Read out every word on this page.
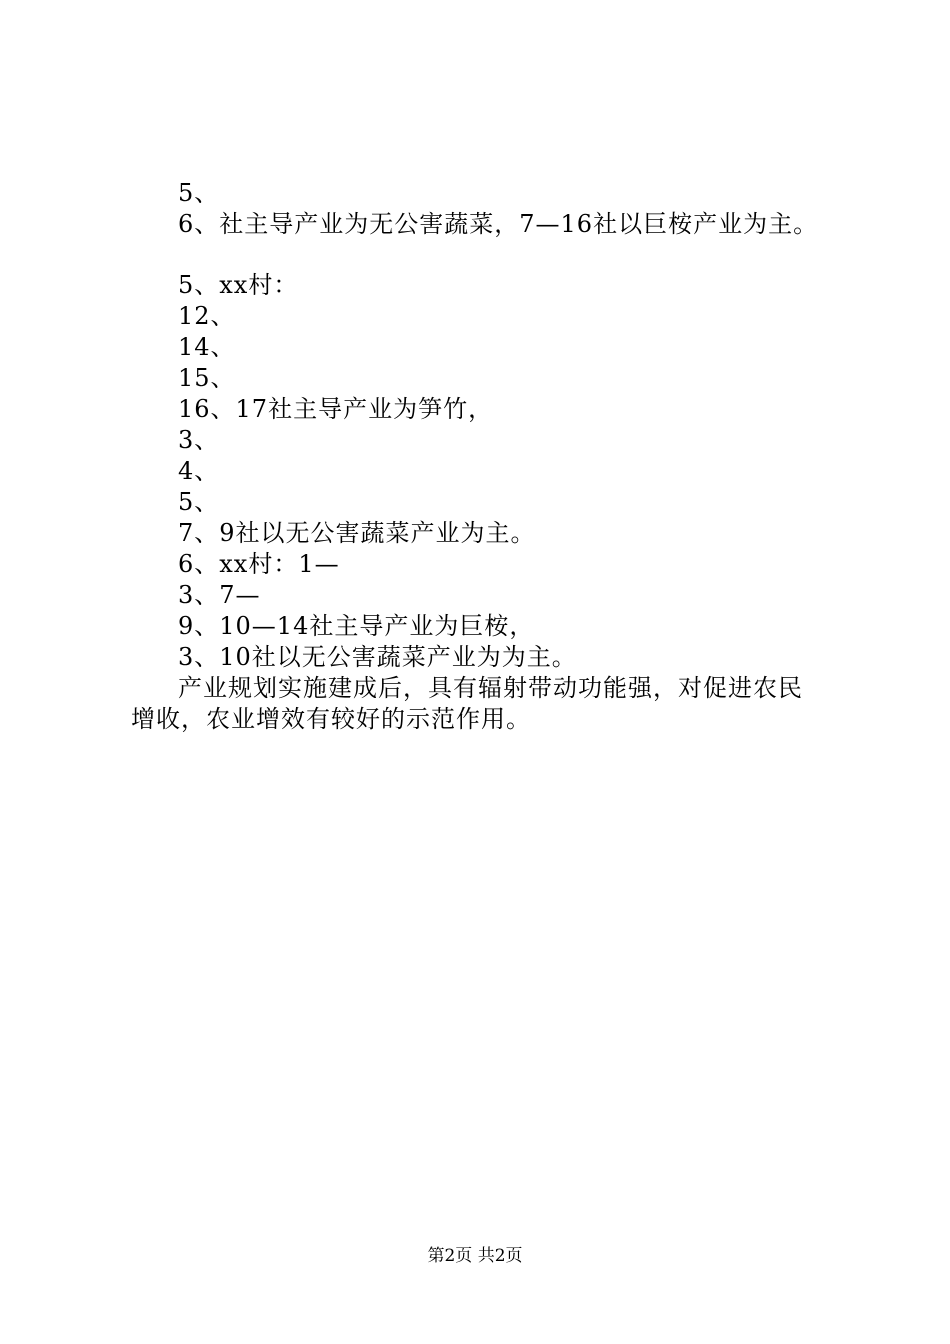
5、
6、社主导产业为无公害蔬菜，7—16社以巨桉产业为主。
5、xx村：
12、
14、
15、
16、17社主导产业为笋竹，
3、
4、
5、
7、9社以无公害蔬菜产业为主。
6、xx村：1—
3、7—
9、10—14社主导产业为巨桉，
3、10社以无公害蔬菜产业为为主。
产业规划实施建成后，具有辐射带动功能强，对促进农民
增收，农业增效有较好的示范作用。
第2页 共2页
